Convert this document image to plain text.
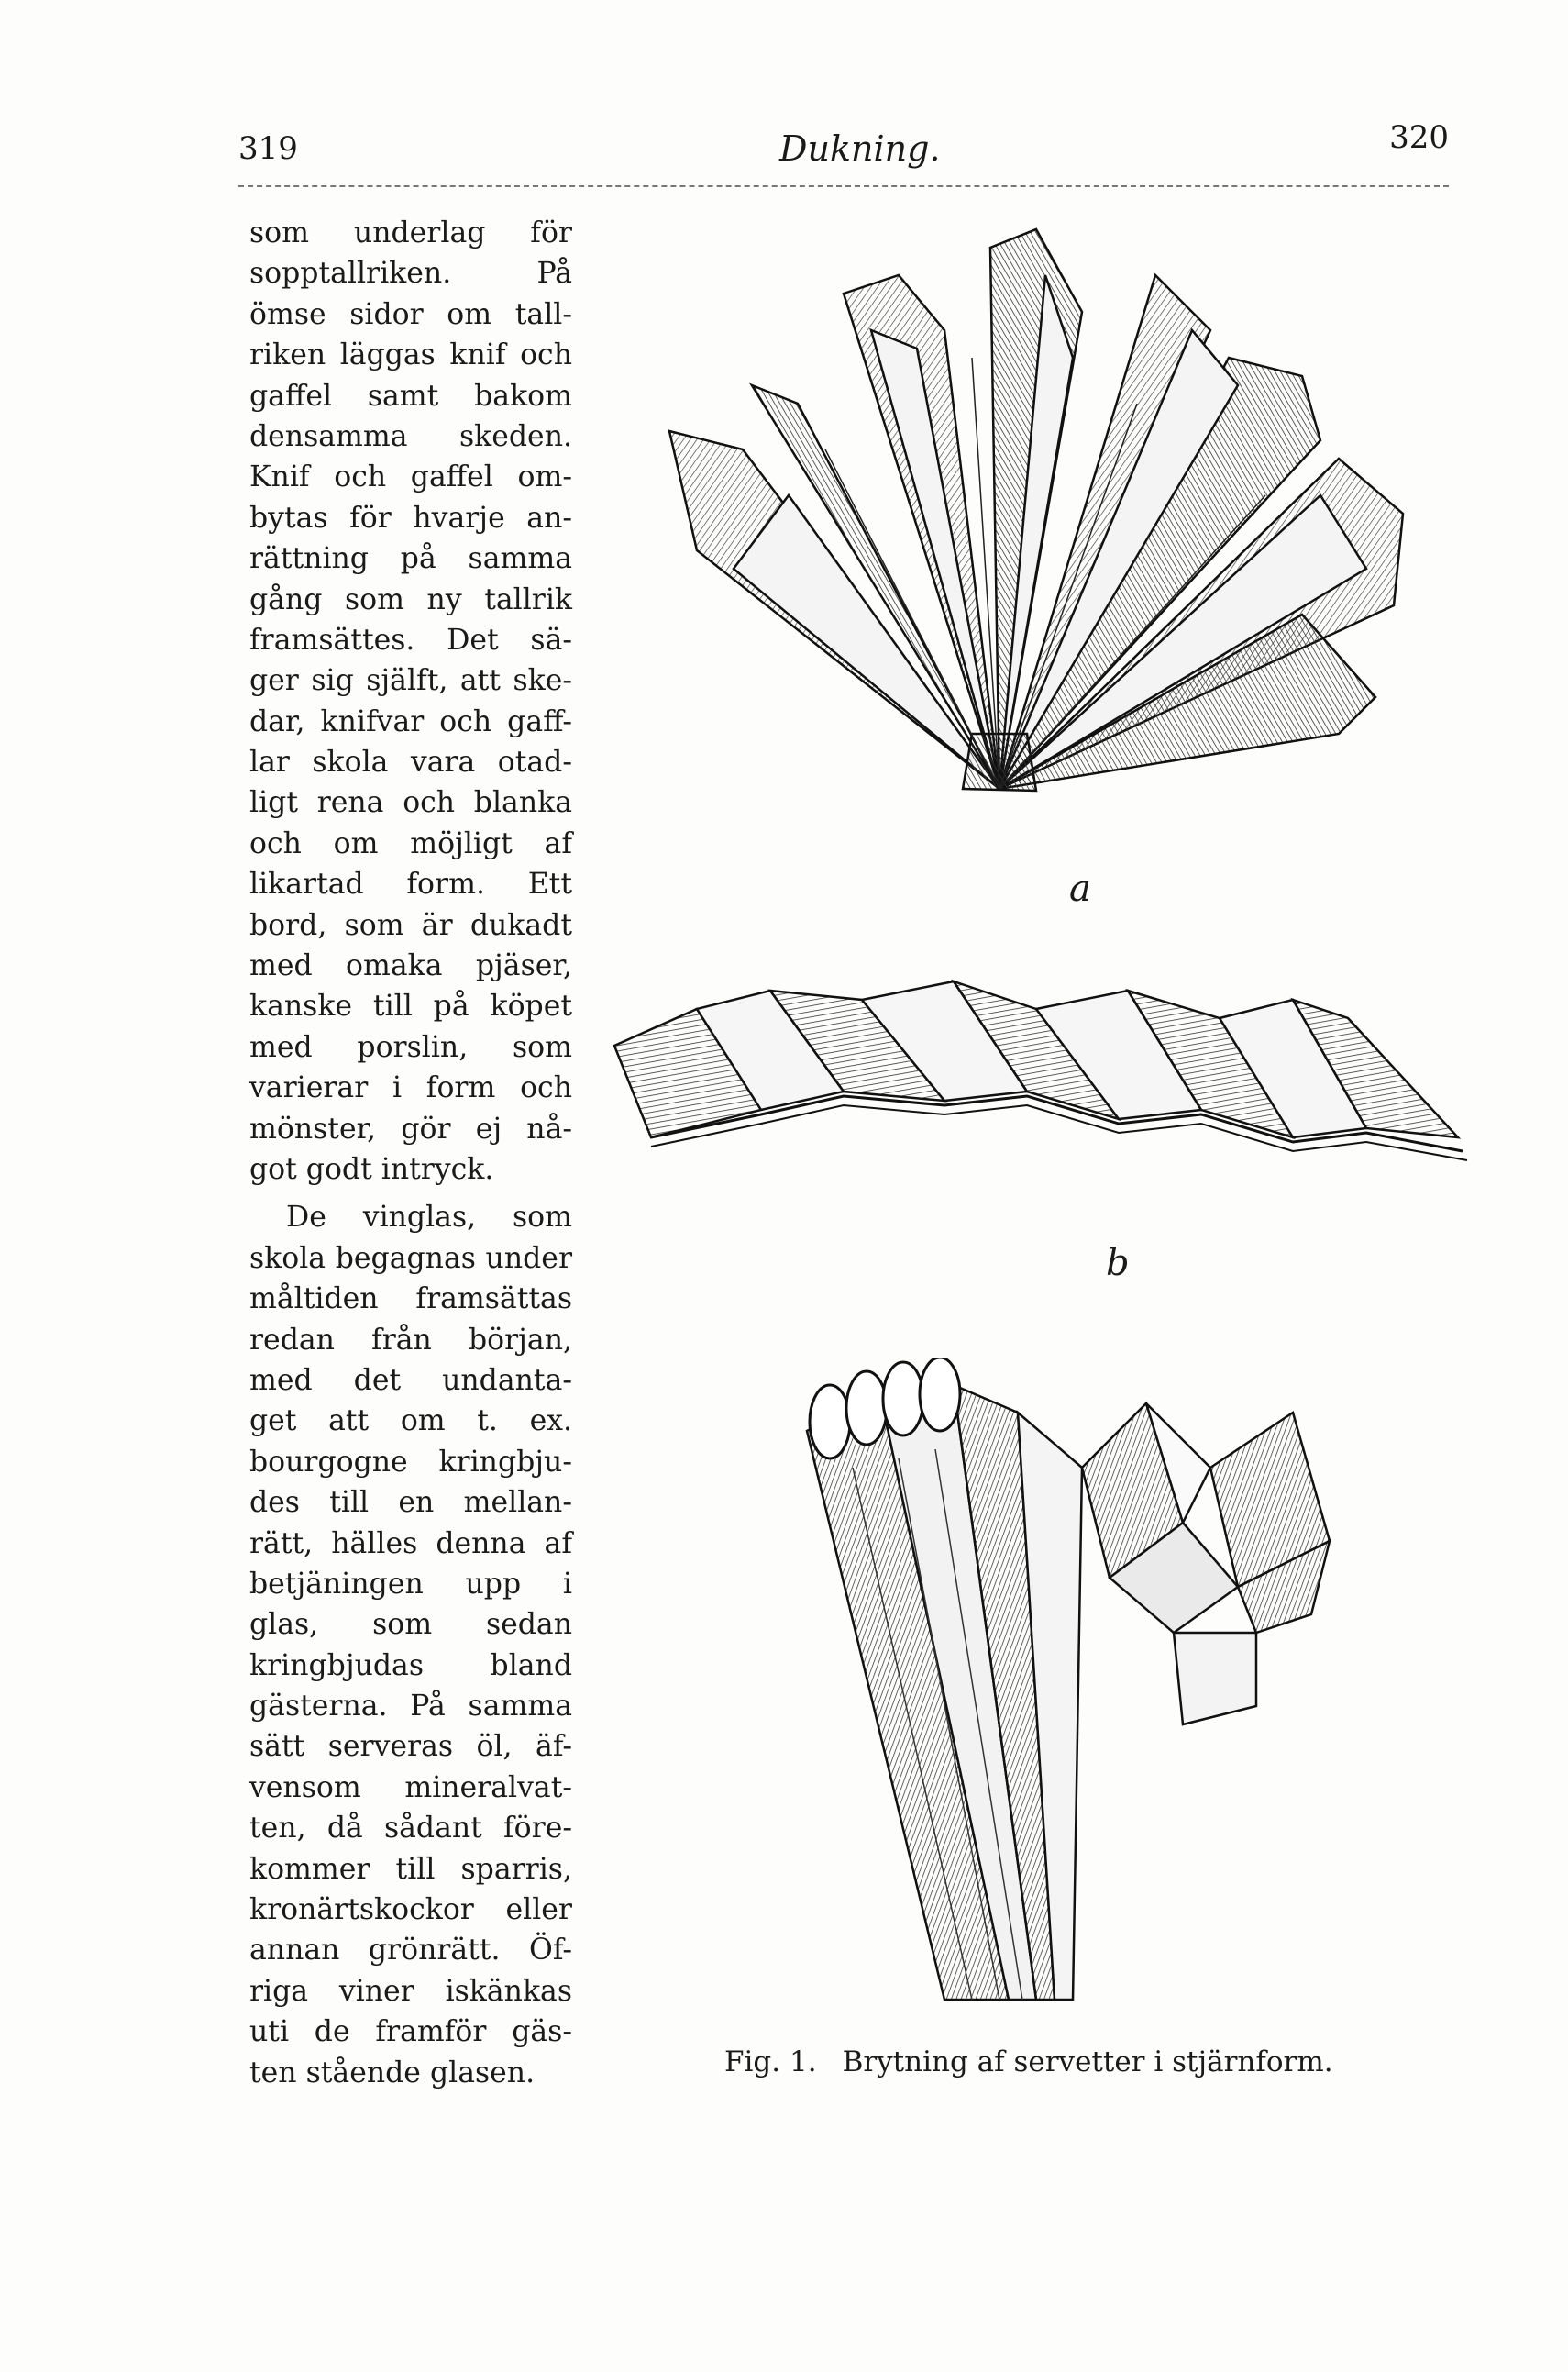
319	Dukning.	320

som underlag för
sopptallriken. På
ömse sidor om tall-
riken läggas knif och
gaffel samt bakom
densamma skeden.
Knif och gaffel om-
bytas för hvarje an-
rättning på samma
gång som ny tallrik
framsättes. Det sä-
ger sig själft, att ske-
dar, knifvar och gaff-
lar skola vara otad-
ligt rena och blanka
och om möjligt af
likartad form. Ett
bord, som är dukadt
med omaka pjäser,
kanske till på köpet
med porslin, som
varierar i form och
mönster, gör ej nå-
got godt intryck.

De vinglas, som
skola begagnas under
måltiden framsättas
redan från början,
med det undanta-
get att om t. ex.
bourgogne kringbju-
des till en mellan-
rätt, hälles denna af
betjäningen upp i
glas, som sedan
kringbjudas bland
gästerna. På samma
sätt serveras öl, äf-
vensom mineralvat-
ten, då sådant före-
kommer till sparris,
kronärtskockor eller
annan grönrätt. Öf-
riga viner iskänkas
uti de framför gäs-
ten stående glasen.

a
b
Fig. 1. Brytning af servetter i stjärnform.
